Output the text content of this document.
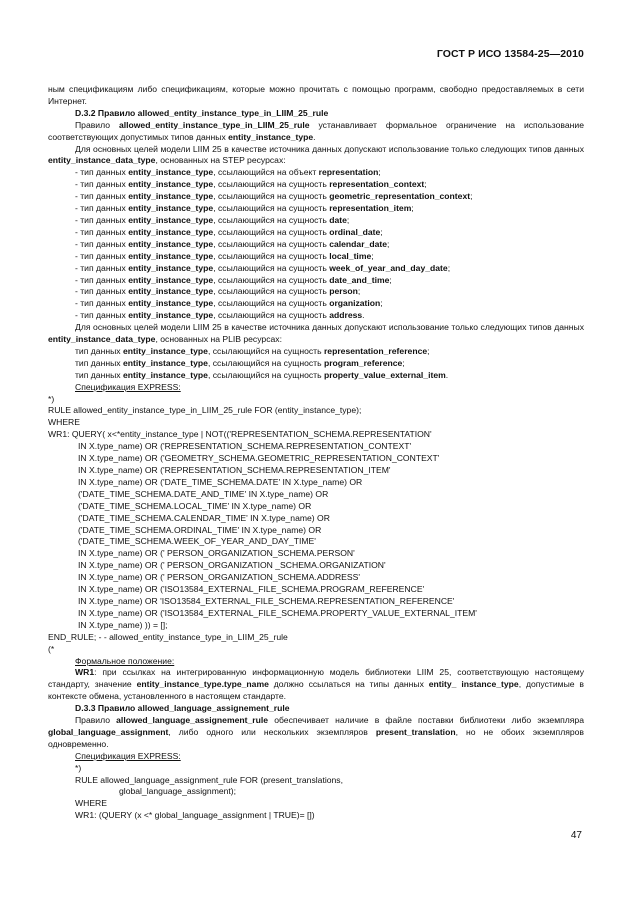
ГОСТ Р ИСО 13584-25—2010
ным спецификациям либо спецификациям, которые можно прочитать с помощью программ, свободно предоставляемых в сети Интернет.
D.3.2 Правило allowed_entity_instance_type_in_LIIM_25_rule
Правило allowed_entity_instance_type_in_LIIM_25_rule устанавливает формальное ограничение на использование соответствующих допустимых типов данных entity_instance_type.
Для основных целей модели LIIM 25 в качестве источника данных допускают использование только следующих типов данных entity_instance_data_type, основанных на STEP ресурсах:
- тип данных entity_instance_type, ссылающийся на объект representation;
- тип данных entity_instance_type, ссылающийся на сущность representation_context;
- тип данных entity_instance_type, ссылающийся на сущность geometric_representation_context;
- тип данных entity_instance_type, ссылающийся на сущность representation_item;
- тип данных entity_instance_type, ссылающийся на сущность date;
- тип данных entity_instance_type, ссылающийся на сущность ordinal_date;
- тип данных entity_instance_type, ссылающийся на сущность calendar_date;
- тип данных entity_instance_type, ссылающийся на сущность local_time;
- тип данных entity_instance_type, ссылающийся на сущность week_of_year_and_day_date;
- тип данных entity_instance_type, ссылающийся на сущность date_and_time;
- тип данных entity_instance_type, ссылающийся на сущность person;
- тип данных entity_instance_type, ссылающийся на сущность organization;
- тип данных entity_instance_type, ссылающийся на сущность address.
Для основных целей модели LIIM 25 в качестве источника данных допускают использование только следующих типов данных entity_instance_data_type, основанных на PLIB ресурсах:
тип данных entity_instance_type, ссылающийся на сущность representation_reference;
тип данных entity_instance_type, ссылающийся на сущность program_reference;
тип данных entity_instance_type, ссылающийся на сущность property_value_external_item.
Спецификация EXPRESS:
*)
RULE allowed_entity_instance_type_in_LIIM_25_rule FOR (entity_instance_type);
WHERE
WR1: QUERY( x<*entity_instance_type | NOT(('REPRESENTATION_SCHEMA.REPRESENTATION'
IN X.type_name) OR ('REPRESENTATION_SCHEMA.REPRESENTATION_CONTEXT'
IN X.type_name) OR ('GEOMETRY_SCHEMA.GEOMETRIC_REPRESENTATION_CONTEXT'
IN X.type_name) OR ('REPRESENTATION_SCHEMA.REPRESENTATION_ITEM'
IN X.type_name) OR ('DATE_TIME_SCHEMA.DATE' IN X.type_name) OR
('DATE_TIME_SCHEMA.DATE_AND_TIME' IN X.type_name) OR
('DATE_TIME_SCHEMA.LOCAL_TIME' IN X.type_name) OR
('DATE_TIME_SCHEMA.CALENDAR_TIME' IN X.type_name) OR
('DATE_TIME_SCHEMA.ORDINAL_TIME' IN X.type_name) OR
('DATE_TIME_SCHEMA.WEEK_OF_YEAR_AND_DAY_TIME'
IN X.type_name) OR (' PERSON_ORGANIZATION_SCHEMA.PERSON'
IN X.type_name) OR (' PERSON_ORGANIZATION _SCHEMA.ORGANIZATION'
IN X.type_name) OR (' PERSON_ORGANIZATION_SCHEMA.ADDRESS'
IN X.type_name) OR ('ISO13584_EXTERNAL_FILE_SCHEMA.PROGRAM_REFERENCE'
IN X.type_name) OR 'ISO13584_EXTERNAL_FILE_SCHEMA.REPRESENTATION_REFERENCE'
IN X.type_name) OR ('ISO13584_EXTERNAL_FILE_SCHEMA.PROPERTY_VALUE_EXTERNAL_ITEM'
IN X.type_name) )) = [];
END_RULE; - - allowed_entity_instance_type_in_LIIM_25_rule
(*
Формальное положение:
WR1: при ссылках на интегрированную информационную модель библиотеки LIIM 25, соответствующую настоящему стандарту, значение entity_instance_type.type_name должно ссылаться на типы данных entity_ instance_type, допустимые в контексте обмена, установленного в настоящем стандарте.
D.3.3 Правило allowed_language_assignement_rule
Правило allowed_language_assignement_rule обеспечивает наличие в файле поставки библиотеки либо экземпляра global_language_assignment, либо одного или нескольких экземпляров present_translation, но не обоих экземпляров одновременно.
Спецификация EXPRESS:
*)
RULE allowed_language_assignment_rule FOR (present_translations,
global_language_assignment);
WHERE
WR1: (QUERY (x <* global_language_assignment | TRUE)= [])
47
